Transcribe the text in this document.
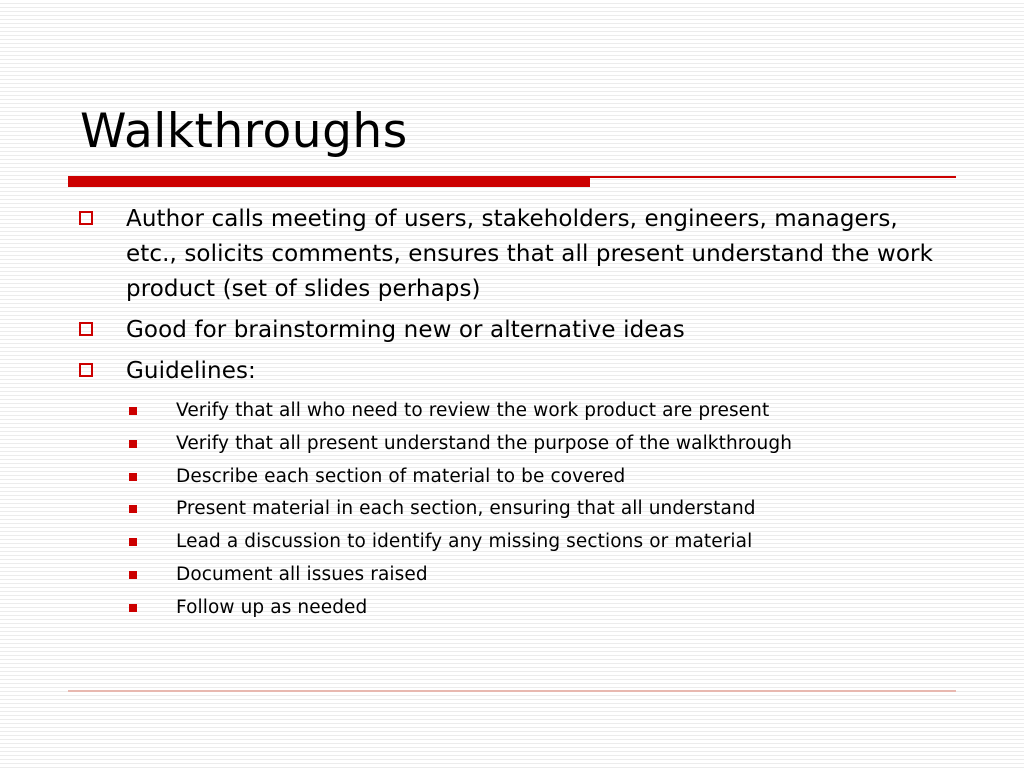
Walkthroughs
Author calls meeting of users, stakeholders, engineers, managers, etc., solicits comments, ensures that all present understand the work product (set of slides perhaps)
Good for brainstorming new or alternative ideas
Guidelines:
Verify that all who need to review the work product are present
Verify that all present understand the purpose of the walkthrough
Describe each section of material to be covered
Present material in each section, ensuring that all understand
Lead a discussion to identify any missing sections or material
Document all issues raised
Follow up as needed
